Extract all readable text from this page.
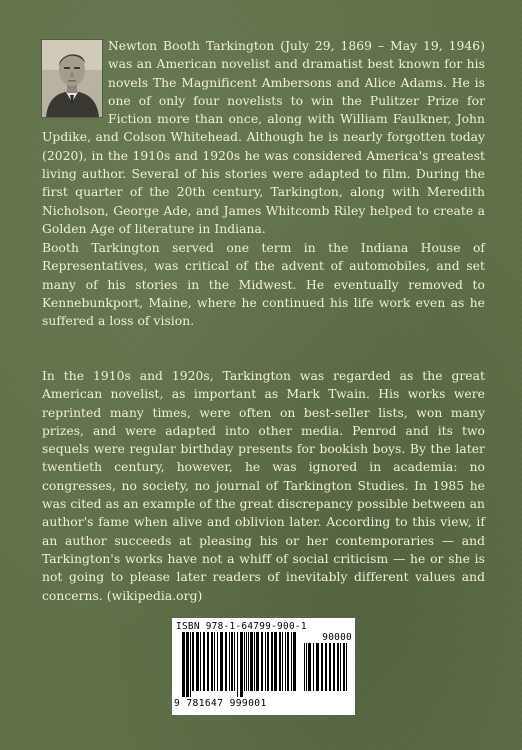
Newton Booth Tarkington (July 29, 1869 – May 19, 1946) was an American novelist and dramatist best known for his novels The Magnificent Ambersons and Alice Adams. He is one of only four novelists to win the Pulitzer Prize for Fiction more than once, along with William Faulkner, John Updike, and Colson Whitehead. Although he is nearly forgotten today (2020), in the 1910s and 1920s he was considered America's greatest living author. Several of his stories were adapted to film. During the first quarter of the 20th century, Tarkington, along with Meredith Nicholson, George Ade, and James Whitcomb Riley helped to create a Golden Age of literature in Indiana.
Booth Tarkington served one term in the Indiana House of Representatives, was critical of the advent of automobiles, and set many of his stories in the Midwest. He eventually removed to Kennebunkport, Maine, where he continued his life work even as he suffered a loss of vision.
In the 1910s and 1920s, Tarkington was regarded as the great American novelist, as important as Mark Twain. His works were reprinted many times, were often on best-seller lists, won many prizes, and were adapted into other media. Penrod and its two sequels were regular birthday presents for bookish boys. By the later twentieth century, however, he was ignored in academia: no congresses, no society, no journal of Tarkington Studies. In 1985 he was cited as an example of the great discrepancy possible between an author's fame when alive and oblivion later. According to this view, if an author succeeds at pleasing his or her contemporaries — and Tarkington's works have not a whiff of social criticism — he or she is not going to please later readers of inevitably different values and concerns. (wikipedia.org)
ISBN 978-1-64799-900-1
90000
9 781647 999001
